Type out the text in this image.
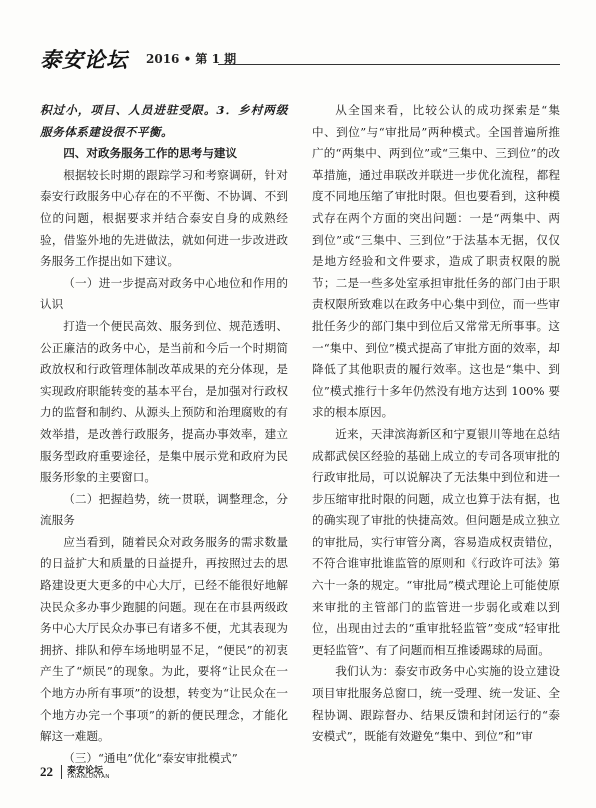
泰安论坛 2016 • 第 1 期

积过小，项目、人员进驻受限。3．乡村两级服务体系建设很不平衡。

四、对政务服务工作的思考与建议

根据较长时期的跟踪学习和考察调研，针对泰安行政服务中心存在的不平衡、不协调、不到位的问题，根据要求并结合泰安自身的成熟经验，借鉴外地的先进做法，就如何进一步改进政务服务工作提出如下建议。

（一）进一步提高对政务中心地位和作用的认识

打造一个便民高效、服务到位、规范透明、公正廉洁的政务中心，是当前和今后一个时期简政放权和行政管理体制改革成果的充分体现，是实现政府职能转变的基本平台，是加强对行政权力的监督和制约、从源头上预防和治理腐败的有效举措，是改善行政服务，提高办事效率，建立服务型政府重要途径，是集中展示党和政府为民服务形象的主要窗口。

（二）把握趋势，统一贯联，调整理念，分流服务

应当看到，随着民众对政务服务的需求数量的日益扩大和质量的日益提升，再按照过去的思路建设更大更多的中心大厅，已经不能很好地解决民众多办事少跑腿的问题。现在在市县两级政务中心大厅民众办事已有诸多不便，尤其表现为拥挤、排队和停车场地明显不足，“便民”的初衷产生了“烦民”的现象。为此，要将“让民众在一个地方办所有事项”的设想，转变为“让民众在一个地方办完一个事项”的新的便民理念，才能化解这一难题。

（三）“通电”优化“泰安审批模式”

从全国来看，比较公认的成功探索是“集中、到位”与“审批局”两种模式。全国普遍所推广的“两集中、两到位”或“三集中、三到位”的改革措施，通过串联改并联进一步优化流程，都程度不同地压缩了审批时限。但也要看到，这种模式存在两个方面的突出问题：一是“两集中、两到位”或“三集中、三到位”于法基本无据，仅仅是地方经验和文件要求，造成了职责权限的脱节；二是一些多处室承担审批任务的部门由于职责权限所致难以在政务中心集中到位，而一些审批任务少的部门集中到位后又常常无所事事。这一“集中、到位”模式提高了审批方面的效率，却降低了其他职责的履行效率。这也是“集中、到位”模式推行十多年仍然没有地方达到 100% 要求的根本原因。

近来，天津滨海新区和宁夏银川等地在总结成都武侯区经验的基础上成立的专司各项审批的行政审批局，可以说解决了无法集中到位和进一步压缩审批时限的问题，成立也算于法有据，也的确实现了审批的快捷高效。但问题是成立独立的审批局，实行审管分离，容易造成权责错位，不符合谁审批谁监管的原则和《行政许可法》第六十一条的规定。“审批局”模式理论上可能使原来审批的主管部门的监管进一步弱化或难以到位，出现由过去的“重审批轻监管”变成“轻审批更轻监管”、有了问题而相互推诿踢球的局面。

我们认为：泰安市政务中心实施的设立建设项目审批服务总窗口，统一受理、统一发证、全程协调、跟踪督办、结果反馈和封闭运行的“泰安模式”，既能有效避免“集中、到位”和“审

22 泰安论坛
TAIANLUNTAN
